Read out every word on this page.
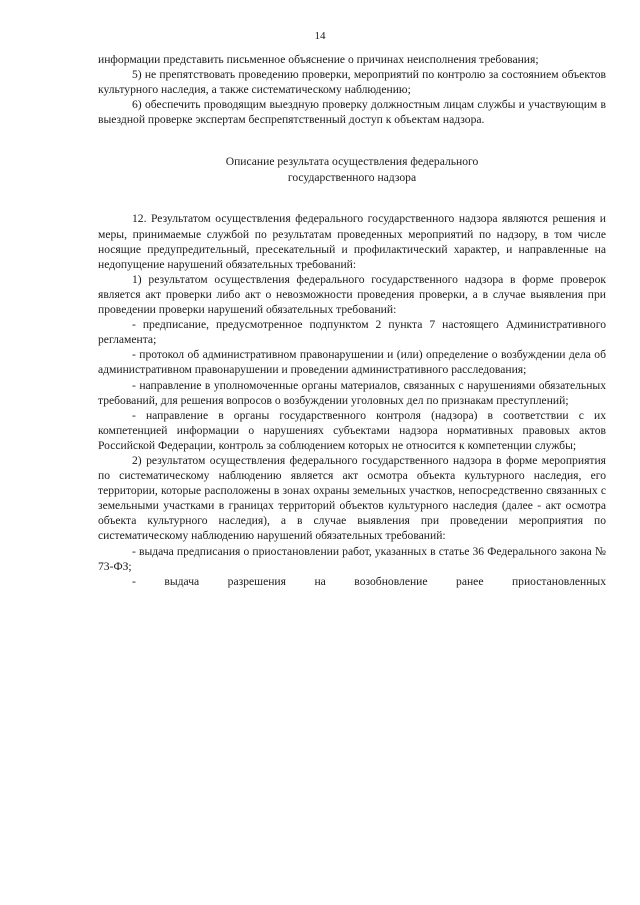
14

информации представить письменное объяснение о причинах неисполнения требования;

5) не препятствовать проведению проверки, мероприятий по контролю за состоянием объектов культурного наследия, а также систематическому наблюдению;

6) обеспечить проводящим выездную проверку должностным лицам службы и участвующим в выездной проверке экспертам беспрепятственный доступ к объектам надзора.

Описание результата осуществления федерального
государственного надзора

12. Результатом осуществления федерального государственного надзора являются решения и меры, принимаемые службой по результатам проведенных мероприятий по надзору, в том числе носящие предупредительный, пресекательный и профилактический характер, и направленные на недопущение нарушений обязательных требований:

1) результатом осуществления федерального государственного надзора в форме проверок является акт проверки либо акт о невозможности проведения проверки, а в случае выявления при проведении проверки нарушений обязательных требований:

- предписание, предусмотренное подпунктом 2 пункта 7 настоящего Административного регламента;

- протокол об административном правонарушении и (или) определение о возбуждении дела об административном правонарушении и проведении административного расследования;

- направление в уполномоченные органы материалов, связанных с нарушениями обязательных требований, для решения вопросов о возбуждении уголовных дел по признакам преступлений;

- направление в органы государственного контроля (надзора) в соответствии с их компетенцией информации о нарушениях субъектами надзора нормативных правовых актов Российской Федерации, контроль за соблюдением которых не относится к компетенции службы;

2) результатом осуществления федерального государственного надзора в форме мероприятия по систематическому наблюдению является акт осмотра объекта культурного наследия, его территории, которые расположены в зонах охраны земельных участков, непосредственно связанных с земельными участками в границах территорий объектов культурного наследия (далее - акт осмотра объекта культурного наследия), а в случае выявления при проведении мероприятия по систематическому наблюдению нарушений обязательных требований:

- выдача предписания о приостановлении работ, указанных в статье 36 Федерального закона № 73-ФЗ;

- выдача разрешения на возобновление ранее приостановленных
